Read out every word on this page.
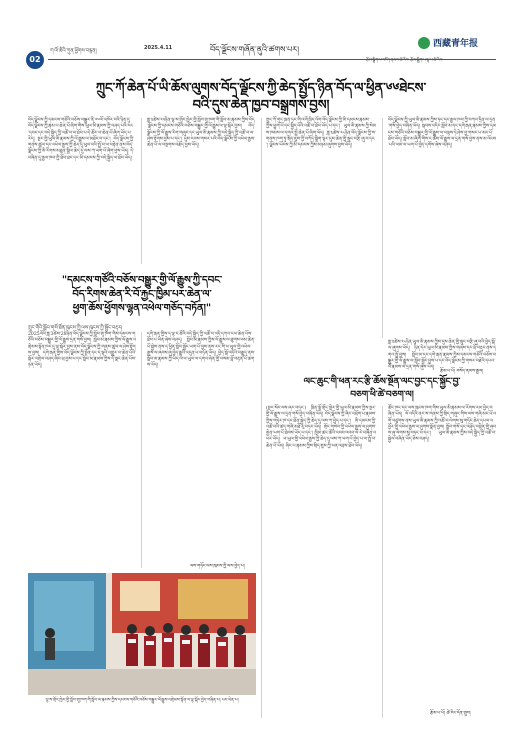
02
ཀ་ལོ་ཆིའི་ཀུན་ཕྱོགས་བརྙན།	2025.4.11	བོད་ལྗོངས་གཞོན་ནུའི་ཚགས་པར།
西藏青年报
ཀྲུང་ཀོ་ཆེན་པོ་ཡི་ཆོས་ལུགས་བོད་ལྗོངས་ཀྱི་ཆེད་སྤྱོད་ཉིན་བོད་ལ་ཕྱིན་༦༦ཐེངས་
བའི་དུས་ཆེན་ཁྱབ་བསྒྲགས་བྱས།

བོད་ལྗོངས་ཀྱི་དམངས་གཙོའི་བཅོས་བསྒྱུར་ནི་༦༦ལོ་འཁོར་བའི་ཉིན་དུ་བོད་ལྗོངས་ཀྱི་རྣམ་པ་ཆེན་པོ་ཞིག་གིས་ཡུལ་མི་རྣམས་ཀྱི་བཤད་པའི་རང་དབང་དང་བདེ་སྐྱིད་ཀྱི་འཚོ་བ་ལ་ཐོབ་པ་དེ་ཚོར་བ་ཆེན་པོ་ཞིག་ཡོད་པ་རེད། སྔར་གྱི་ཡུལ་མི་རྣམས་ཀྱི་ལོ་རྒྱུས་ལ་མཐོང་བ་དང་། བོད་ལྗོངས་ཀྱི་གནས་ཚུལ་དང་འཕེལ་རྒྱས་ཀྱི་ཆེད་དུ་ཕུལ་བའི་སྤྲོ་བ་ལ་བརྟེན་ནས་བོད་ལྗོངས་ཀྱི་མི་རིགས་མཐུན་སྒྲིལ་ཆེད་དུ་ལས་ཀ་ཡག་པོ་ཞིག་བྱས་ཡོད། དེ་བཞིན་དུ་རྒྱལ་ཁབ་ཀྱི་ཐོབ་ཐང་དང་མི་དམངས་ཀྱི་བདེ་སྐྱིད་ལ་ཐོབ་ཡོད།

ཟླ་༣ཚེས་༢༥ཉིན་ལྷ་ས་གྲོང་ཁྱེར་གྱི་སློབ་གྲྭ་ཁག་གི་སློབ་མ་རྣམས་ཀྱིས་བོད་ལྗོངས་ཀྱི་དམངས་གཙོའི་བཅོས་བསྒྱུར་གྱི་ལོ་རྒྱུས་ལ་ལྟ་སྐོར་བྱས། བོད་ལྗོངས་ཀྱི་ལོ་རྒྱུས་རིག་གཞུང་དང་ཡུལ་མི་རྣམས་ཀྱི་བདེ་སྐྱིད་ཀྱི་འཚོ་བ་ལ་ཤེས་རྟོགས་བྱས་པ་དང་། དུས་རབས་གསར་པའི་བོད་ལྗོངས་ཀྱི་འཕེལ་རྒྱས་ཆེན་པོ་ལ་བསྔགས་བརྗོད་བྱས་ཡོད།

ཀྲུང་ཀོ་གུང་ཁྲན་ཏང་གི་འགོ་ཁྲིད་འོག་བོད་ལྗོངས་ཀྱི་མི་དམངས་རྣམས་ཀྱིས་ཕྱུག་པོ་དང་སྐྱིད་པོའི་འཚོ་བ་ཐོབ་ཡོད་པ་དང་། ཡུལ་མི་རྣམས་ཀྱི་སེམས་ཁམས་ལ་དགའ་སྤྲོ་ཆེན་པོ་ཞིག་ཡོད། ཟླ་༣ཚེས་༢༨ཉིན་བོད་ལྗོངས་ཀྱི་ས་གནས་ཁག་ཏུ་སྲིད་ཇུས་ཀྱི་བཀོད་སྒྲིག་ལྟར་དུས་ཆེན་གྱི་སྲུང་བརྩི་ཞུ་བ་དང་། ལྗོངས་ཡོངས་ཀྱི་མི་དམངས་ཀྱིས་མཉམ་ཞུགས་བྱས་ཡོད།

བོད་ལྗོངས་ཀྱི་ཡུལ་མི་རྣམས་ཀྱིས་ཏང་དང་རྒྱལ་ཁབ་ཀྱི་བཀའ་དྲིན་ལ་དྲན་གསོ་བྱེད་བཞིན་ཡོད། སྐབས་འདིར་སློབ་མ་དང་དགེ་རྒན་རྣམས་ཀྱིས་དམངས་གཙོའི་བཅོས་བསྒྱུར་གྱི་ལོ་རྒྱུས་ལ་བལྟས་ཏེ་ཤེས་བྱ་གསར་པ་མང་པོ་ཐོབ་ཡོད། སློབ་མ་ཞིག་གིས་ང་ཚོས་ལོ་རྒྱུས་ལ་དྲན་གསོ་བྱས་ནས་མ་འོངས་པའི་ལམ་ལ་ཡག་པོ་བྱེད་དགོས་ཞེས་བཤད།

"དམངས་གཙོའི་བཅོས་བསྒྱུར་གྱི་ལོ་རྒྱུས་ཀྱི་དབང་
བོད་རིགས་ཆེན་རི་བོ་རྐྱང་ཁྱིམ་པར་ཆེན་ལ་
ཕྱག་ཆོས་ཕྱོགས་ལྷན་འཕེལ་གཅོད་བཏོན།"
ཀྲུང་གོའི་སློབ་གསོ་ཐོན་ཁུངས་ཀྱི་ལས་ཁུངས་ཀྱི་སྦྱོང་བརྡར།

2025ལོའི་ཟླ་3ཚེས་28ཉིན་བོད་ལྗོངས་ཀྱི་སློབ་གྲྭ་ཁག་གིས་དམངས་གཙོའི་བཅོས་བསྒྱུར་གྱི་ལོ་རྒྱུས་དྲན་གསོ་བྱས། སློབ་མ་རྣམས་ཀྱིས་ལོ་རྒྱུས་འགྲེམས་སྟོན་ཁང་དུ་ལྟ་སྐོར་བྱས་ནས་བོད་ལྗོངས་ཀྱི་གནས་ཚུལ་ལ་ཤེས་རྟོགས་བྱས། དགེ་རྒན་གྱིས་བོད་ལྗོངས་ཀྱི་སྔོན་དང་ད་ལྟའི་འགྱུར་བ་ཆེན་པོའི་སྐོར་འགྲེལ་བཤད་ཞིབ་ཕྲ་བྱས་པ་དང་སློབ་མ་རྣམས་ཀྱིས་དོ་སྣང་ཆེན་པོས་ཉན་ཡོད།

དགེ་རྒན་གྱིས་ད་ལྟ་ང་ཚོའི་བདེ་སྐྱིད་ཀྱི་འཚོ་བ་འདི་དཀའ་ངལ་ཆེན་པོས་ཐོབ་པ་ཡིན་ཞེས་བཤད། སློབ་མ་རྣམས་ཀྱིས་ལོ་རྒྱུས་ལ་ཐུགས་ཕམ་ཆེན་པོ་སྐྱེས་ནས་ད་ཕྱིན་སློབ་སྦྱོང་ཡག་པོ་བྱས་ནས་རང་གི་ཕ་ཡུལ་གྱི་འཕེལ་རྒྱས་ལ་ཞབས་ཞུ་བྱེད་རྒྱུའི་འདུན་པ་བཏོན་ཡོད། བྱེད་སྒོ་འདིའི་བརྒྱུད་ནས་སློབ་མ་རྣམས་ཀྱི་ཡིད་ལ་ཕ་ཡུལ་ལ་དགའ་ཞེན་གྱི་བསམ་བློ་བརྟན་པོ་ཆགས་ཡོད།

ལས་གཏོང་ལས་ཁུངས་ཀྱི་ལས་བྱེད་པ།

ལྷ་ས་གྲོང་ཁྱེར་གྱི་སློབ་གྲྭ་ཁག་གི་སློབ་མ་རྣམས་ཀྱིས་དམངས་གཙོའི་བཅོས་བསྒྱུར་ལོ་རྒྱུས་འགྲེམས་སྟོན་ལ་ལྟ་སྐོར་བྱེད་བཞིན་པ། པར་ལེན་པ།

ལང་ཆུང་གི་ཕན་རང་རྩི་ཆོས་སྔོན་ལང་བྱང་དང་སྐྱོང་བྱ་
བཅག་ཕི་ཚེ་བཅག་ལ།

(སྔར་སོང་ལས་ཞར་བཏང་) ཁྲིན་ལྷོ་གྲོང་ཁྱེར་གྱི་ཡུལ་མི་རྣམས་ཀྱིས་སྔར་གྱི་ལོ་རྒྱུས་ལ་དྲན་གསོ་བྱེད་བཞིན་ཡོད། བོད་ལྗོངས་ཀྱི་ཞིང་འབྲོག་པ་རྣམས་ཀྱིས་གཏེར་ཁ་དང་ཐོན་སྐྱེད་ཀྱི་ཆེད་དུ་ལས་ཀ་བྱེད་པ་དང་། མི་དམངས་ཀྱི་འཚོ་བའི་ཚད་གཞི་མཐོ་རུ་བཏང་ཡོད། གྲོང་གསེབ་ཀྱི་འཕེལ་རྒྱས་ལ་ཤུགས་རྐྱེན་ཡག་པོ་ཐེབས་ཡོད་པ་དང་། ཁྱིམ་ཚང་ཚོའི་འབབ་འབབ་ལོ་རེ་བཞིན་འཕར་ཡོད། ཕ་ཡུལ་གྱི་འཕེལ་རྒྱས་ཀྱི་ཆེད་དུ་ལས་ཀ་ཡག་པོ་བྱེད་པ་ལ་སྤྲོ་བ་ཆེན་པོ་ཡོད། ཞིང་པ་རྣམས་ཀྱིས་སྲིད་ཇུས་ཀྱི་ཕན་འབྲས་ཐོབ་ཡོད།

ཚོང་ཁང་དང་ལས་ཁུངས་ཁག་གིས་ཡུལ་མི་རྣམས་ལ་རོགས་རམ་བྱེད་བཞིན་ཡོད། ལོ་འདིའི་ནང་ས་གནས་ཀྱི་སྲིད་གཞུང་གིས་ལས་གཞི་མང་པོ་འགོ་བཙུགས་ནས་ཡུལ་མི་རྣམས་ཀྱི་འཚོ་བ་ལེགས་སུ་གཏོང་ཆེད་དཔལ་འབྱོར་གྱི་འཕེལ་རྒྱས་ལ་ཤུགས་སྣོན་བྱས། སློབ་གསོ་དང་འཕྲོད་བསྟེན་གྱི་ཞབས་ཞུ་ལེགས་སུ་བཏང་བ་དང་། ཡུལ་མི་རྣམས་ཀྱིས་བདེ་སྐྱིད་ཀྱི་འཚོ་བ་སྐྱེལ་བཞིན་ཡོད་ཅེས་བཤད།

རྩོམ་པ་པོ། ཚེ་རིང་དོན་གྲུབ།

ཟླ་༣ཚེས་༢༨ཉིན་ཡུལ་མི་རྣམས་ཀྱིས་དུས་ཆེན་གྱི་སྲུང་བརྩི་ཞུ་བའི་བྱེད་སྒོ་ལ་ཞུགས་ཡོད། ཉིན་དེར་ཡུལ་མི་རྣམས་ཀྱིས་གཞས་དང་བྲོ་བརྡུང་ནས་དགའ་སྤྲོ་བྱས། སློབ་མ་དང་དགེ་རྒན་རྣམས་ཀྱིས་དམངས་གཙོའི་བཅོས་བསྒྱུར་གྱི་ལོ་རྒྱུས་ལ་སློབ་སྦྱོང་བྱས་པ་དང་བོད་ལྗོངས་ཀྱི་གསར་བརྗེའི་དཔའ་བོ་རྣམས་ལ་དྲན་གསོ་ཞུས་ཡོད།

རྩོམ་པ་པོ། བསོད་ནམས་རྒྱལ།
